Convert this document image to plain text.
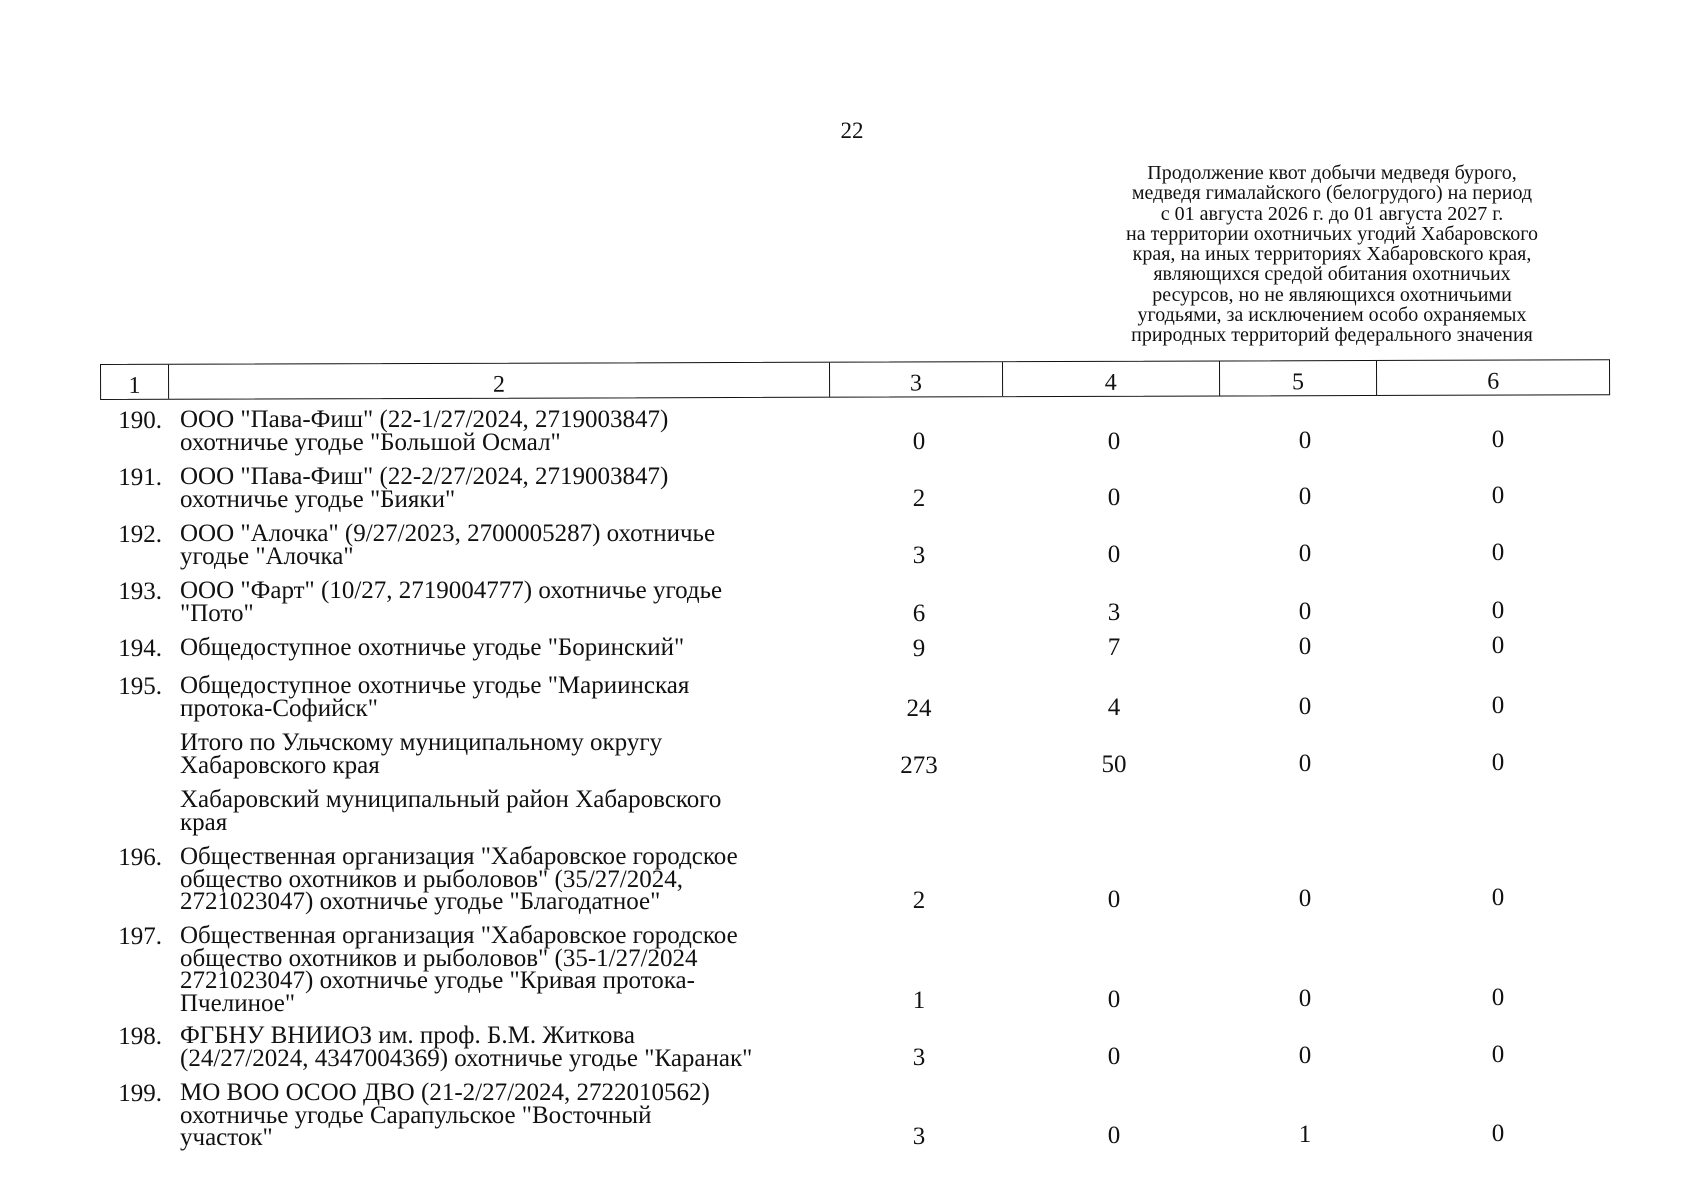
22
Продолжение квот добычи медведя бурого,
медведя гималайского (белогрудого) на период
с 01 августа 2026 г. до 01 августа 2027 г.
на территории охотничьих угодий Хабаровского
края, на иных территориях Хабаровского края,
являющихся средой обитания охотничьих
ресурсов, но не являющихся охотничьими
угодьями, за исключением особо охраняемых
природных территорий федерального значения
1	2	3	4	5	6
190. ООО "Пава-Фиш" (22-1/27/2024, 2719003847)
охотничье угодье "Большой Осмал"	0	0	0	0
191. ООО "Пава-Фиш" (22-2/27/2024, 2719003847)
охотничье угодье "Бияки"	2	0	0	0
192. ООО "Алочка" (9/27/2023, 2700005287) охотничье
угодье "Алочка"	3	0	0	0
193. ООО "Фарт" (10/27, 2719004777) охотничье угодье
"Пото"	6	3	0	0
194. Общедоступное охотничье угодье "Боринский"	9	7	0	0
195. Общедоступное охотничье угодье "Мариинская
протока-Софийск"	24	4	0	0
Итого по Ульчскому муниципальному округу
Хабаровского края	273	50	0	0
Хабаровский муниципальный район Хабаровского
края
196. Общественная организация "Хабаровское городское
общество охотников и рыболовов" (35/27/2024,
2721023047) охотничье угодье "Благодатное"	2	0	0	0
197. Общественная организация "Хабаровское городское
общество охотников и рыболовов" (35-1/27/2024
2721023047) охотничье угодье "Кривая протока-
Пчелиное"	1	0	0	0
198. ФГБНУ ВНИИОЗ им. проф. Б.М. Житкова
(24/27/2024, 4347004369) охотничье угодье "Каранак"	3	0	0	0
199. МО ВОО ОСОО ДВО (21-2/27/2024, 2722010562)
охотничье угодье Сарапульское "Восточный
участок"	3	0	1	0
